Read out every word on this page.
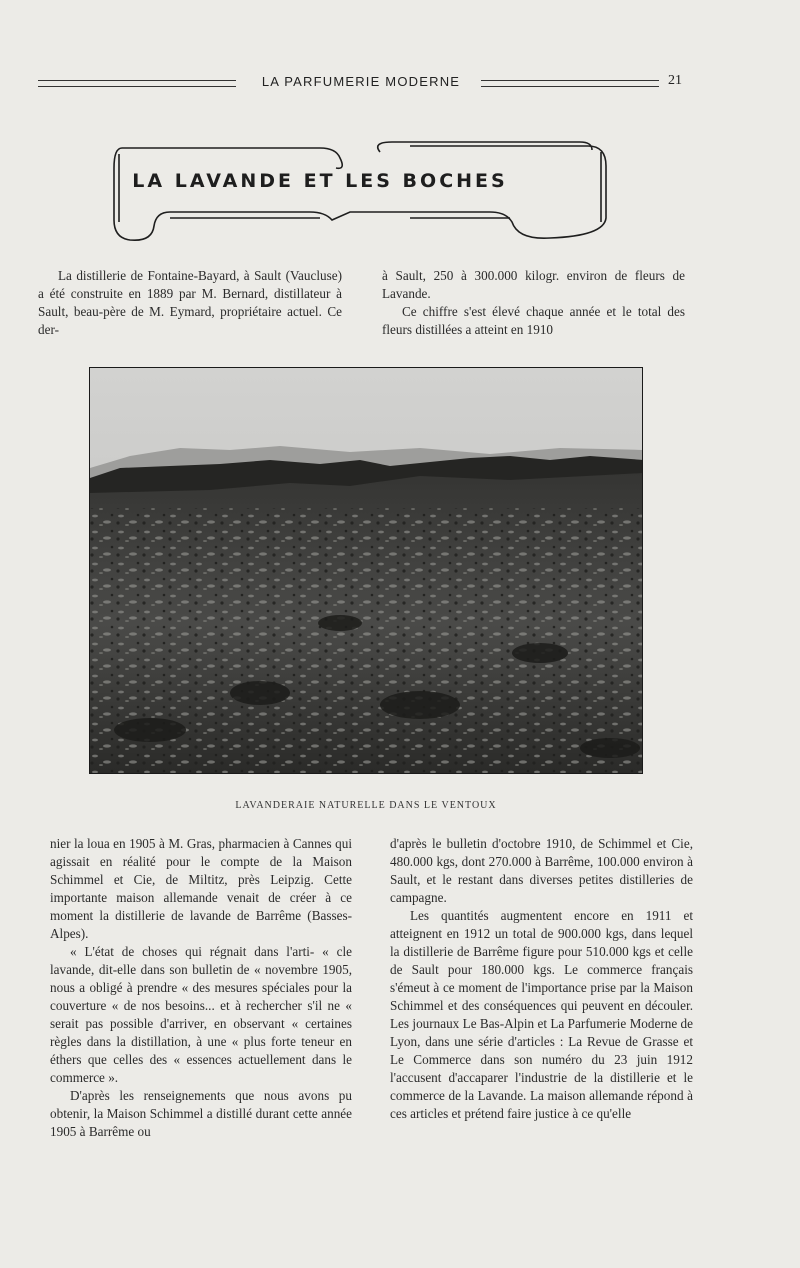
LA PARFUMERIE MODERNE	21
LA LAVANDE ET LES BOCHES

La distillerie de Fontaine-Bayard, à Sault (Vaucluse) a été construite en 1889 par M. Bernard, distillateur à Sault, beau-père de M. Eymard, propriétaire actuel. Ce der-

à Sault, 250 à 300.000 kilogr. environ de fleurs de Lavande.

Ce chiffre s'est élevé chaque année et le total des fleurs distillées a atteint en 1910

LAVANDERAIE NATURELLE DANS LE VENTOUX

nier la loua en 1905 à M. Gras, pharmacien à Cannes qui agissait en réalité pour le compte de la Maison Schimmel et Cie, de Miltitz, près Leipzig. Cette importante maison allemande venait de créer à ce moment la distillerie de lavande de Barrême (Basses-Alpes).

« L'état de choses qui régnait dans l'arti- « cle lavande, dit-elle dans son bulletin de « novembre 1905, nous a obligé à prendre « des mesures spéciales pour la couverture « de nos besoins... et à rechercher s'il ne « serait pas possible d'arriver, en observant « certaines règles dans la distillation, à une « plus forte teneur en éthers que celles des « essences actuellement dans le commerce ».

D'après les renseignements que nous avons pu obtenir, la Maison Schimmel a distillé durant cette année 1905 à Barrême ou

d'après le bulletin d'octobre 1910, de Schimmel et Cie, 480.000 kgs, dont 270.000 à Barrême, 100.000 environ à Sault, et le restant dans diverses petites distilleries de campagne.

Les quantités augmentent encore en 1911 et atteignent en 1912 un total de 900.000 kgs, dans lequel la distillerie de Barrême figure pour 510.000 kgs et celle de Sault pour 180.000 kgs. Le commerce français s'émeut à ce moment de l'importance prise par la Maison Schimmel et des conséquences qui peuvent en découler. Les journaux Le Bas-Alpin et La Parfumerie Moderne de Lyon, dans une série d'articles : La Revue de Grasse et Le Commerce dans son numéro du 23 juin 1912 l'accusent d'accaparer l'industrie de la distillerie et le commerce de la Lavande. La maison allemande répond à ces articles et prétend faire justice à ce qu'elle
